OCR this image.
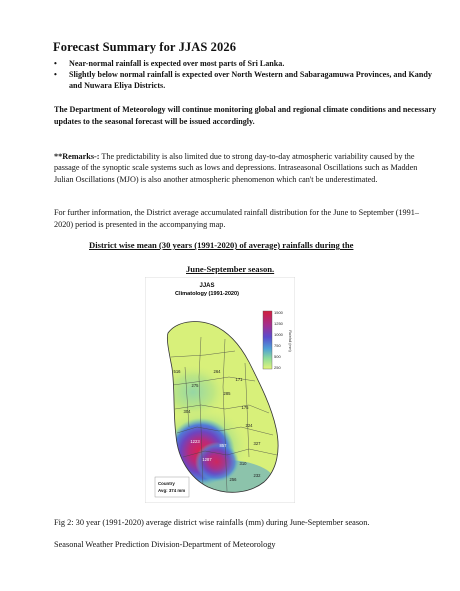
Forecast Summary for JJAS 2026
• Near-normal rainfall is expected over most parts of Sri Lanka.
• Slightly below normal rainfall is expected over North Western and Sabaragamuwa Provinces, and Kandy and Nuwara Eliya Districts.

The Department of Meteorology will continue monitoring global and regional climate conditions and necessary updates to the seasonal forecast will be issued accordingly.

**Remarks-: The predictability is also limited due to strong day-to-day atmospheric variability caused by the passage of the synoptic scale systems such as lows and depressions. Intraseasonal Oscillations such as Madden Julian Oscillations (MJO) is also another atmospheric phenomenon which can't be underestimated.

For further information, the District average accumulated rainfall distribution for the June to September (1991–2020) period is presented in the accompanying map.

District wise mean (30 years (1991-2020) of average) rainfalls during the
June-September season.
JJAS
Climatology (1991-2020)
516	264
171
275
285
175
304
224
1223
1287
857	327
310
256
232
1500
1250
1000
750
500
250
Rainfall (mm)
Country
Avg: 374 mm
Fig 2: 30 year (1991-2020) average district wise rainfalls (mm) during June-September season.
Seasonal Weather Prediction Division-Department of Meteorology
